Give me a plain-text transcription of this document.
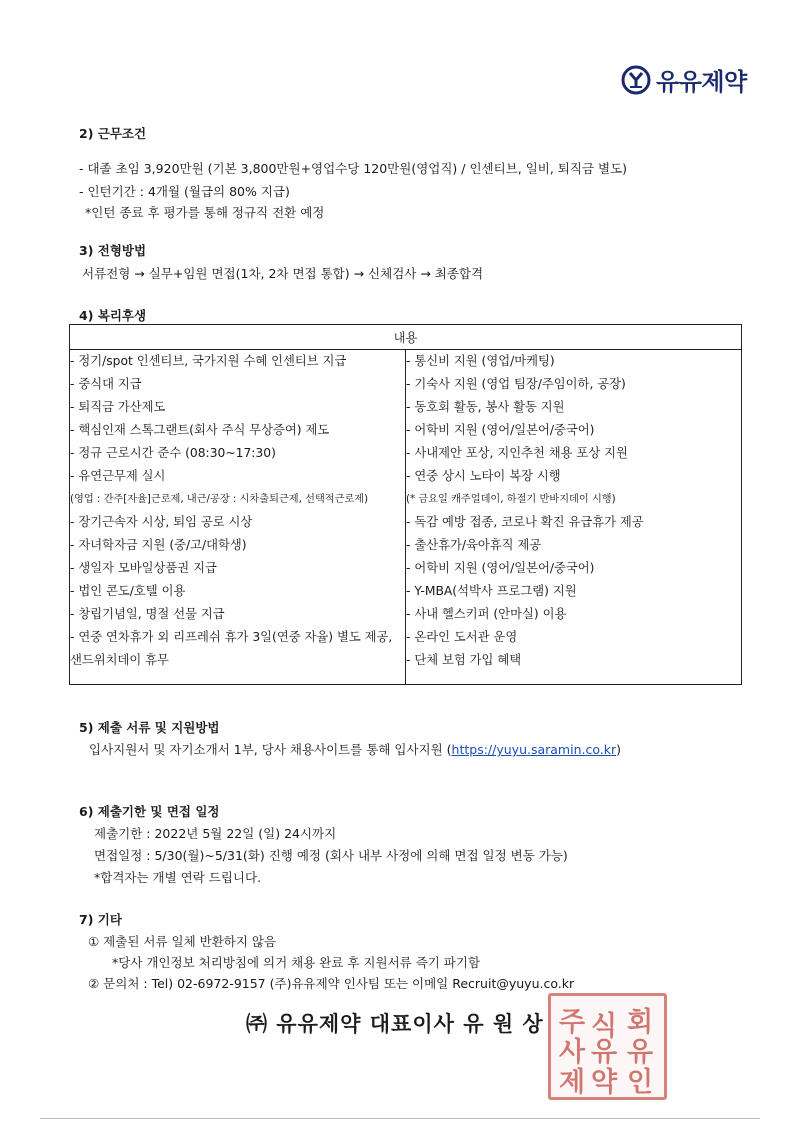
유유제약
2) 근무조건
- 대졸 초임 3,920만원 (기본 3,800만원+영업수당 120만원(영업직) / 인센티브, 일비, 퇴직금 별도)
- 인턴기간 : 4개월 (월급의 80% 지급)
*인턴 종료 후 평가를 통해 정규직 전환 예정
3) 전형방법
서류전형 → 실무+임원 면접(1차, 2차 면접 통합) → 신체검사 → 최종합격
4) 복리후생
내용

- 정기/spot 인센티브, 국가지원 수혜 인센티브 지급
- 중식대 지급
- 퇴직금 가산제도
- 핵심인재 스톡그랜트(회사 주식 무상증여) 제도
- 정규 근로시간 준수 (08:30~17:30)
- 유연근무제 실시
(영업 : 간주[자율]근로제, 내근/공장 : 시차출퇴근제, 선택적근로제)
- 장기근속자 시상, 퇴임 공로 시상
- 자녀학자금 지원 (중/고/대학생)
- 생일자 모바일상품권 지급
- 법인 콘도/호텔 이용
- 창립기념일, 명절 선물 지급
- 연중 연차휴가 외 리프레쉬 휴가 3일(연중 자율) 별도 제공, 샌드위치데이 휴무

- 통신비 지원 (영업/마케팅)
- 기숙사 지원 (영업 팀장/주임이하, 공장)
- 동호회 활동, 봉사 활동 지원
- 어학비 지원 (영어/일본어/중국어)
- 사내제안 포상, 지인추천 채용 포상 지원
- 연중 상시 노타이 복장 시행
(* 금요일 캐주얼데이, 하절기 반바지데이 시행)
- 독감 예방 접종, 코로나 확진 유급휴가 제공
- 출산휴가/육아휴직 제공
- 어학비 지원 (영어/일본어/중국어)
- Y-MBA(석박사 프로그램) 지원
- 사내 헬스키퍼 (안마실) 이용
- 온라인 도서관 운영
- 단체 보험 가입 혜택
5) 제출 서류 및 지원방법
입사지원서 및 자기소개서 1부, 당사 채용사이트를 통해 입사지원 (https://yuyu.saramin.co.kr)
6) 제출기한 및 면접 일정
제출기한 : 2022년 5월 22일 (일) 24시까지
면접일정 : 5/30(월)~5/31(화) 진행 예정 (회사 내부 사정에 의해 면접 일정 변동 가능)
*합격자는 개별 연락 드립니다.
7) 기타
① 제출된 서류 일체 반환하지 않음
*당사 개인정보 처리방침에 의거 채용 완료 후 지원서류 즉기 파기함
② 문의처 : Tel) 02-6972-9157 (주)유유제약 인사팀 또는 이메일 Recruit@yuyu.co.kr
주 식 회
사 유 유
제 약 인
㈜ 유유제약 대표이사 유 원 상
